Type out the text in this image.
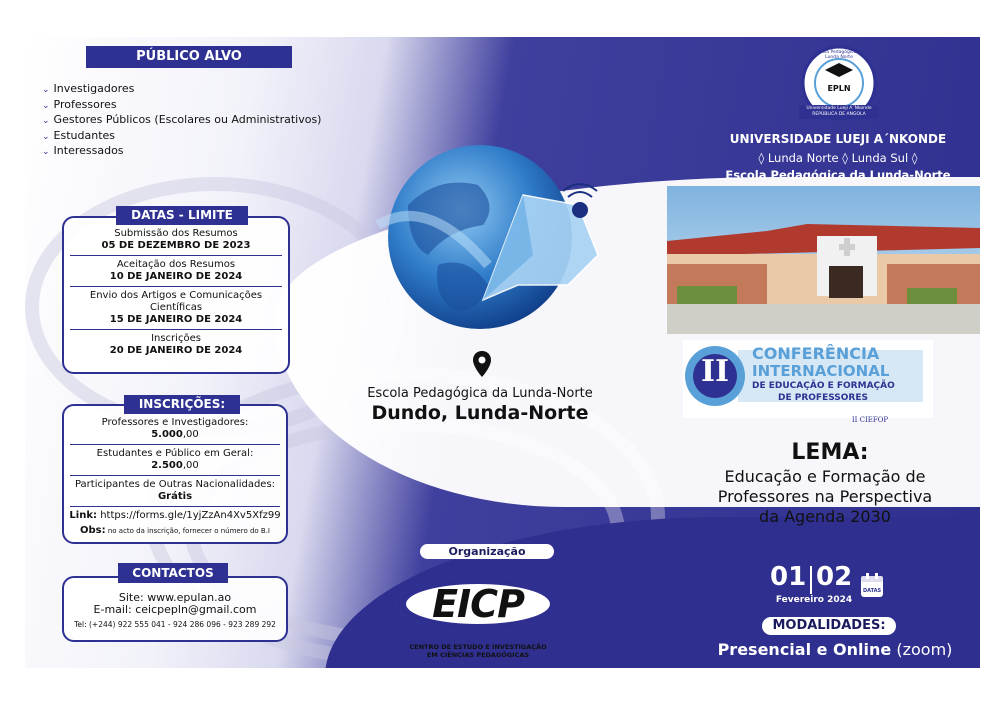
PÚBLICO ALVO
⌄ Investigadores
⌄ Professores
⌄ Gestores Públicos (Escolares ou Administrativos)
⌄ Estudantes
⌄ Interessados
Submissão dos Resumos
05 DE DEZEMBRO DE 2023
Aceitação dos Resumos
10 DE JANEIRO DE 2024
Envio dos Artigos e Comunicações Científicas
15 DE JANEIRO DE 2024
Inscrições
20 DE JANEIRO DE 2024
DATAS - LIMITE
Professores e Investigadores:
5.000,00
Estudantes e Público em Geral:
2.500,00
Participantes de Outras Nacionalidades:
Grátis
Link: https://forms.gle/1yjZzAn4Xv5Xfz99
Obs: no acto da inscrição, fornecer o número do B.I
INSCRIÇÕES:
Site: www.epulan.ao
E-mail: ceicpepln@gmail.com
Tel: (+244) 922 555 041 - 924 286 096 - 923 289 292
CONTACTOS
Escola Pedagógica da Lunda-Norte
Dundo, Lunda-Norte
Organização
EICP
CENTRO DE ESTUDO E INVESTIGAÇÃO
EM CIÊNCIAS PEDAGÓGICAS
Escola Pedagógica da Lunda Norte
EPLN
Universidade Lueji A´Nkonde
REPÚBLICA DE ANGOLA
UNIVERSIDADE LUEJI A´NKONDE
◊ Lunda Norte ◊ Lunda Sul ◊
Escola Pedagógica da Lunda-Norte
II
CONFERÊNCIA
INTERNACIONAL
DE EDUCAÇÃO E FORMAÇÃO
DE PROFESSORES
II CIEFOP
LEMA:
Educação e Formação de
Professores na Perspectiva
da Agenda 2030
01 02
Fevereiro 2024
DATAS
MODALIDADES:
Presencial e Online (zoom)
